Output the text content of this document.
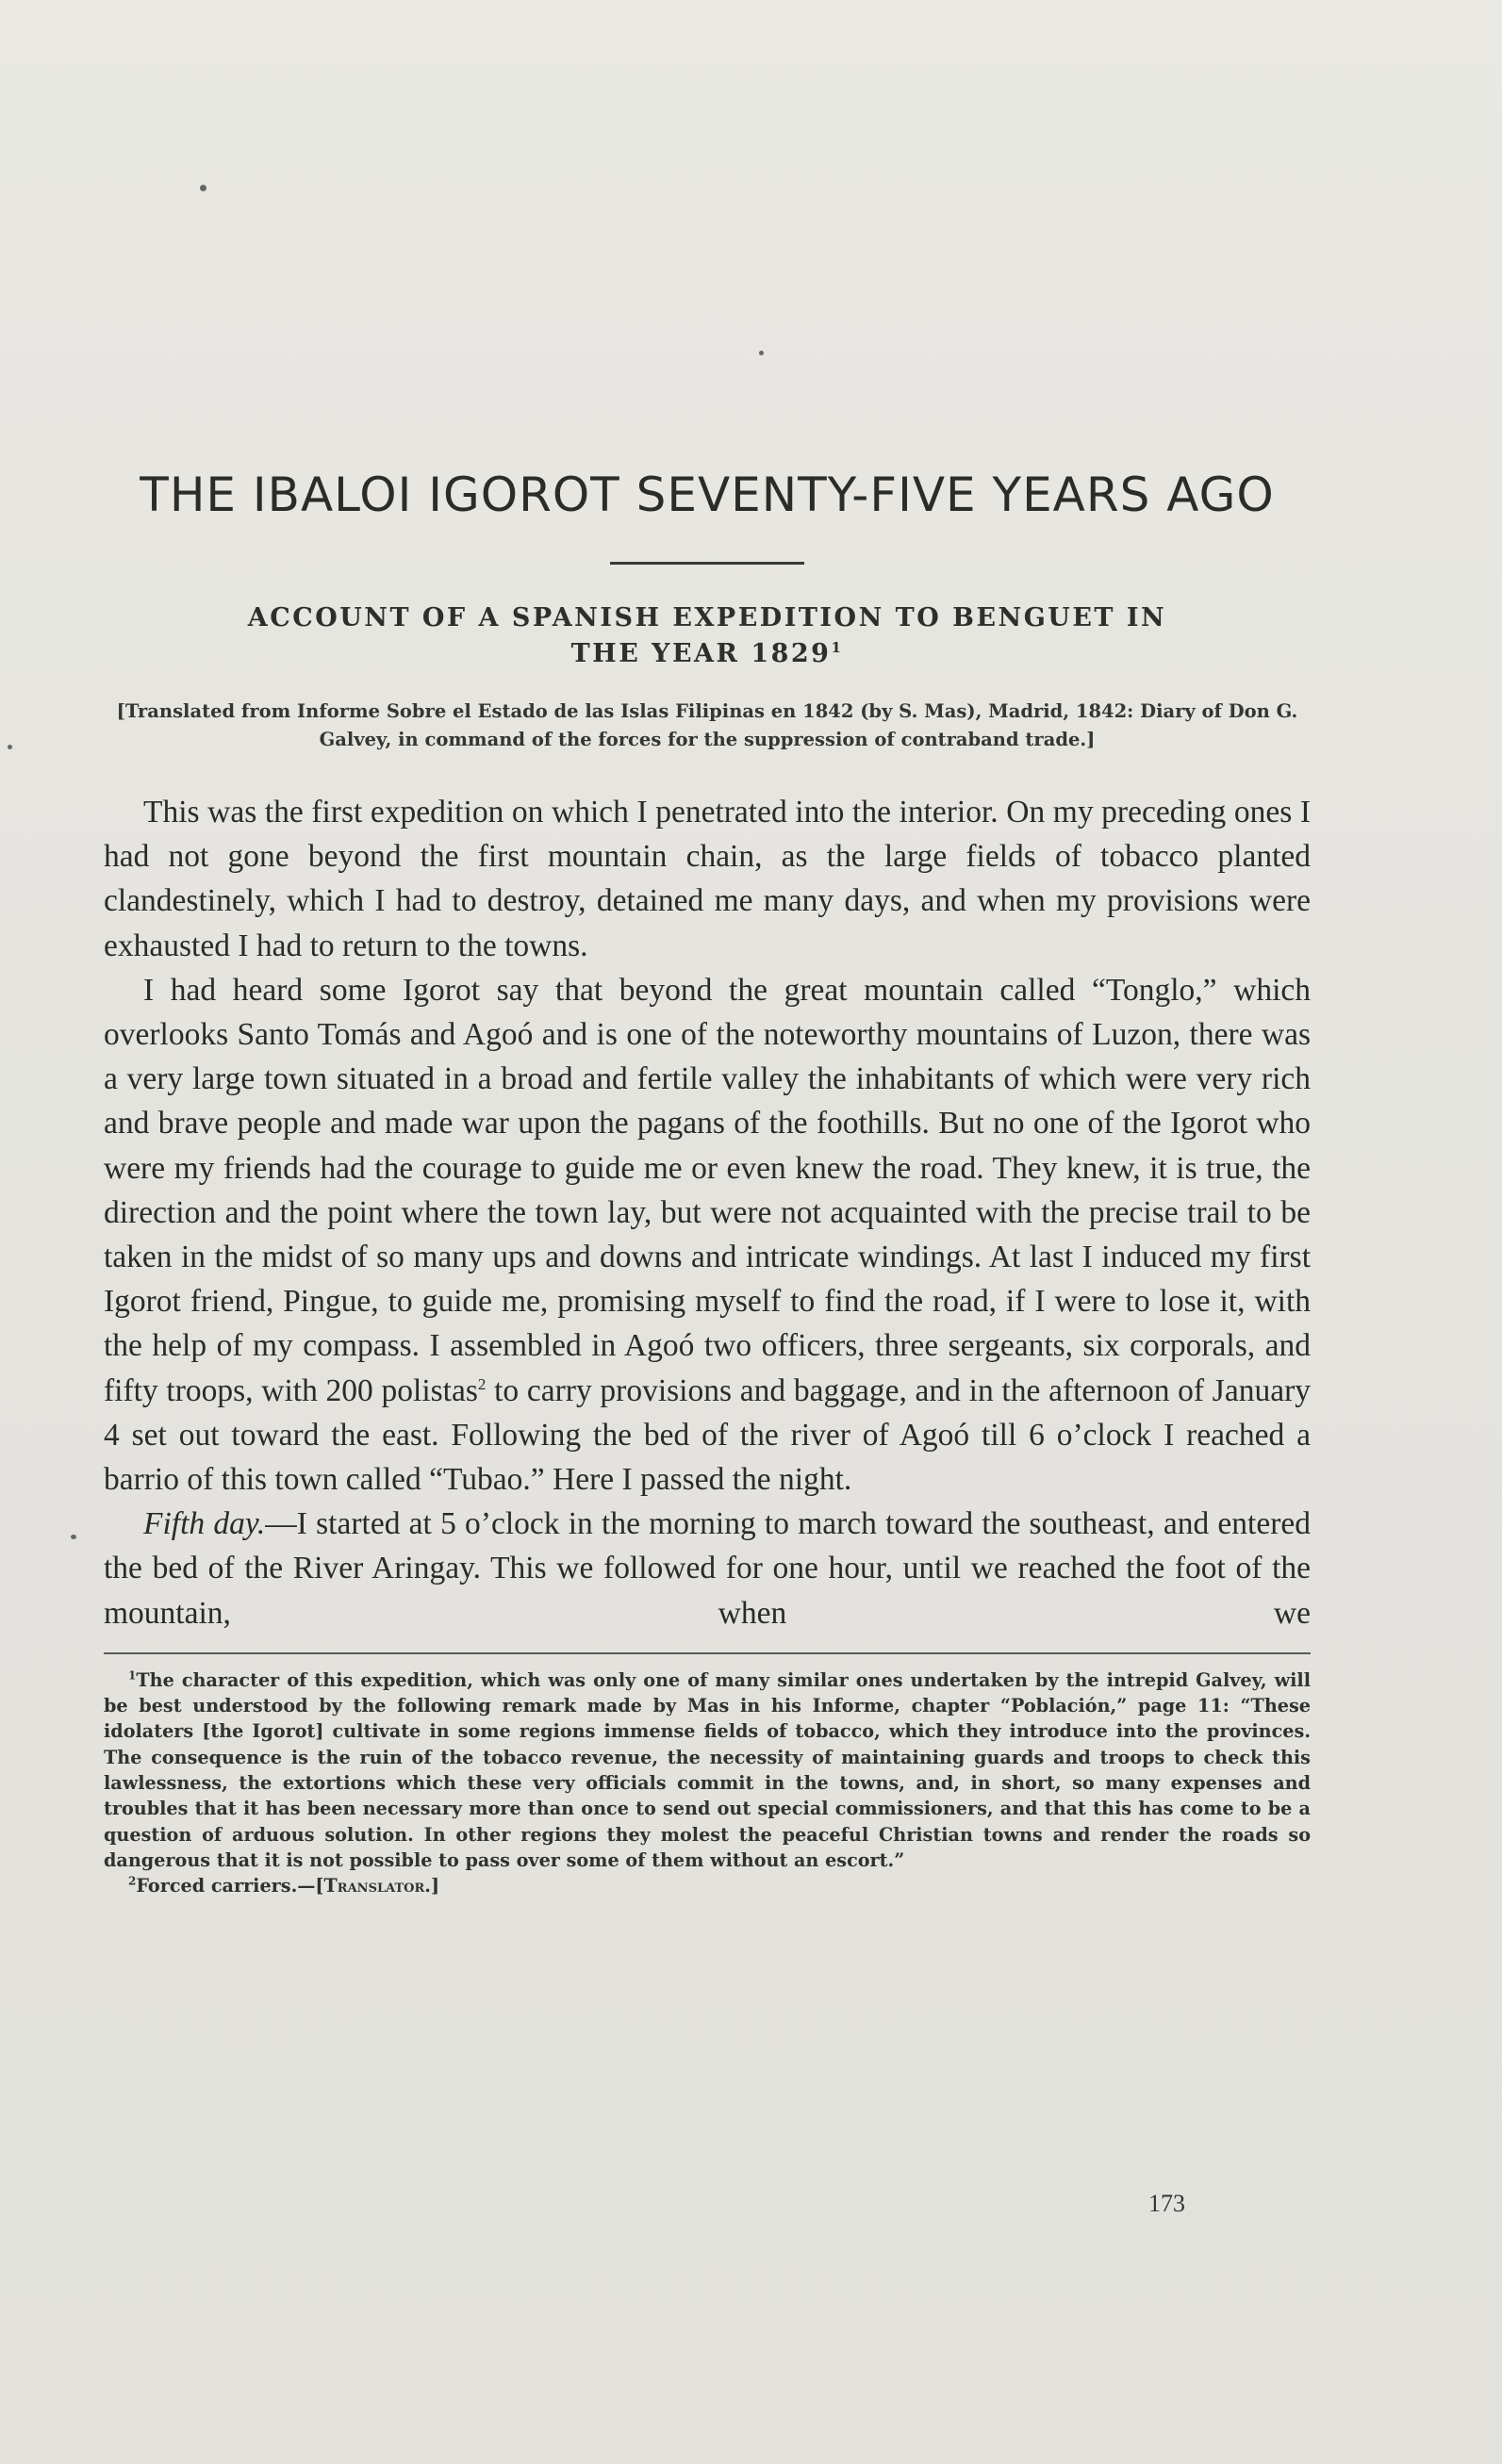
THE IBALOI IGOROT SEVENTY-FIVE YEARS AGO
ACCOUNT OF A SPANISH EXPEDITION TO BENGUET IN
THE YEAR 1829$^1$
[Translated from Informe Sobre el Estado de las Islas Filipinas en 1842 (by S. Mas), Madrid, 1842: Diary of Don G. Galvey, in command of the forces for the suppression of contraband trade.]

This was the first expedition on which I penetrated into the interior. On my preceding ones I had not gone beyond the first mountain chain, as the large fields of tobacco planted clandestinely, which I had to destroy, detained me many days, and when my provisions were exhausted I had to return to the towns.

I had heard some Igorot say that beyond the great mountain called “Tonglo,” which overlooks Santo Tomás and Agoó and is one of the noteworthy mountains of Luzon, there was a very large town situated in a broad and fertile valley the inhabitants of which were very rich and brave people and made war upon the pagans of the foothills. But no one of the Igorot who were my friends had the courage to guide me or even knew the road. They knew, it is true, the direction and the point where the town lay, but were not acquainted with the precise trail to be taken in the midst of so many ups and downs and intricate windings. At last I induced my first Igorot friend, Pingue, to guide me, promising myself to find the road, if I were to lose it, with the help of my compass. I assembled in Agoó two officers, three sergeants, six corporals, and fifty troops, with 200 polistas$^2$ to carry provisions and baggage, and in the afternoon of January 4 set out toward the east. Following the bed of the river of Agoó till 6 o’clock I reached a barrio of this town called “Tubao.” Here I passed the night.

Fifth day.—I started at 5 o’clock in the morning to march toward the southeast, and entered the bed of the River Aringay. This we followed for one hour, until we reached the foot of the mountain, when we

$^1$The character of this expedition, which was only one of many similar ones undertaken by the intrepid Galvey, will be best understood by the following remark made by Mas in his Informe, chapter “Población,” page 11: “These idolaters [the Igorot] cultivate in some regions immense fields of tobacco, which they introduce into the provinces. The consequence is the ruin of the tobacco revenue, the necessity of maintaining guards and troops to check this lawlessness, the extortions which these very officials commit in the towns, and, in short, so many expenses and troubles that it has been necessary more than once to send out special commissioners, and that this has come to be a question of arduous solution. In other regions they molest the peaceful Christian towns and render the roads so dangerous that it is not possible to pass over some of them without an escort.”

$^2$Forced carriers.—[Translator.]

173
